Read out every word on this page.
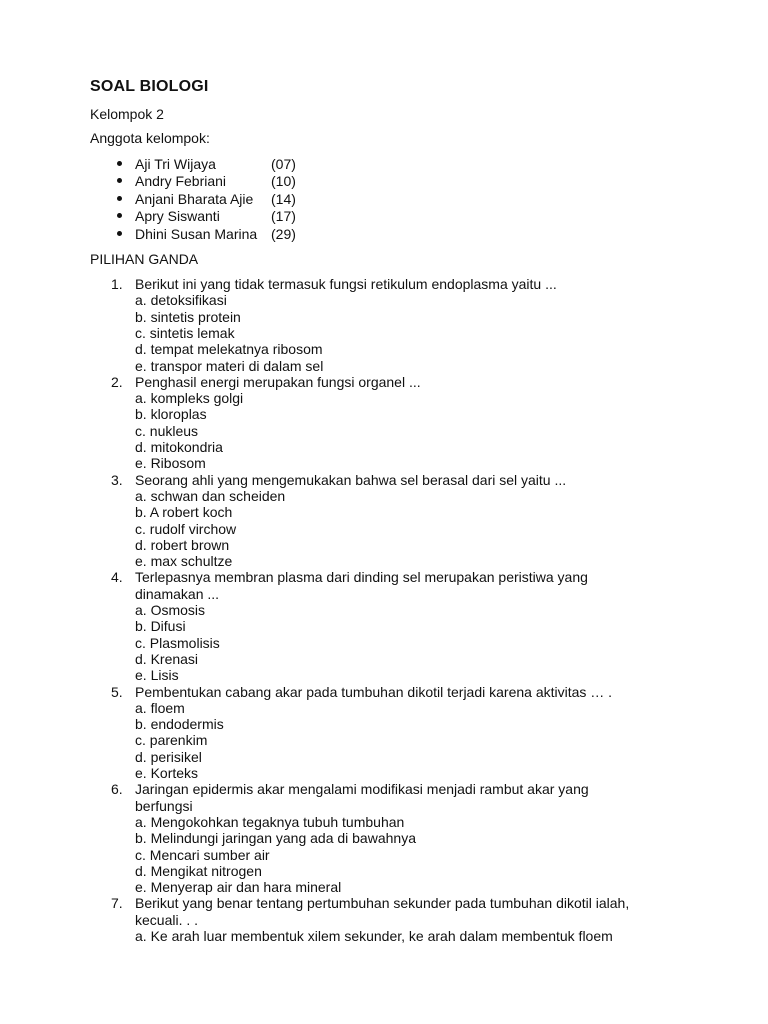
SOAL BIOLOGI
Kelompok 2
Anggota kelompok:
Aji Tri Wijaya	(07)
Andry Febriani	(10)
Anjani Bharata Ajie (14)
Apry Siswanti	(17)
Dhini Susan Marina (29)
PILIHAN GANDA
1. Berikut ini yang tidak termasuk fungsi retikulum endoplasma yaitu ...
a. detoksifikasi
b. sintetis protein
c. sintetis lemak
d. tempat melekatnya ribosom
e. transpor materi di dalam sel
2. Penghasil energi merupakan fungsi organel ...
a. kompleks golgi
b. kloroplas
c. nukleus
d. mitokondria
e. Ribosom
3. Seorang ahli yang mengemukakan bahwa sel berasal dari sel yaitu ...
a. schwan dan scheiden
b. A robert koch
c. rudolf virchow
d. robert brown
e. max schultze
4. Terlepasnya membran plasma dari dinding sel merupakan peristiwa yang
dinamakan ...
a. Osmosis
b. Difusi
c. Plasmolisis
d. Krenasi
e. Lisis
5. Pembentukan cabang akar pada tumbuhan dikotil terjadi karena aktivitas … .
a. floem
b. endodermis
c. parenkim
d. perisikel
e. Korteks
6. Jaringan epidermis akar mengalami modifikasi menjadi rambut akar yang
berfungsi
a. Mengokohkan tegaknya tubuh tumbuhan
b. Melindungi jaringan yang ada di bawahnya
c. Mencari sumber air
d. Mengikat nitrogen
e. Menyerap air dan hara mineral
7. Berikut yang benar tentang pertumbuhan sekunder pada tumbuhan dikotil ialah,
kecuali. . .
a. Ke arah luar membentuk xilem sekunder, ke arah dalam membentuk floem
